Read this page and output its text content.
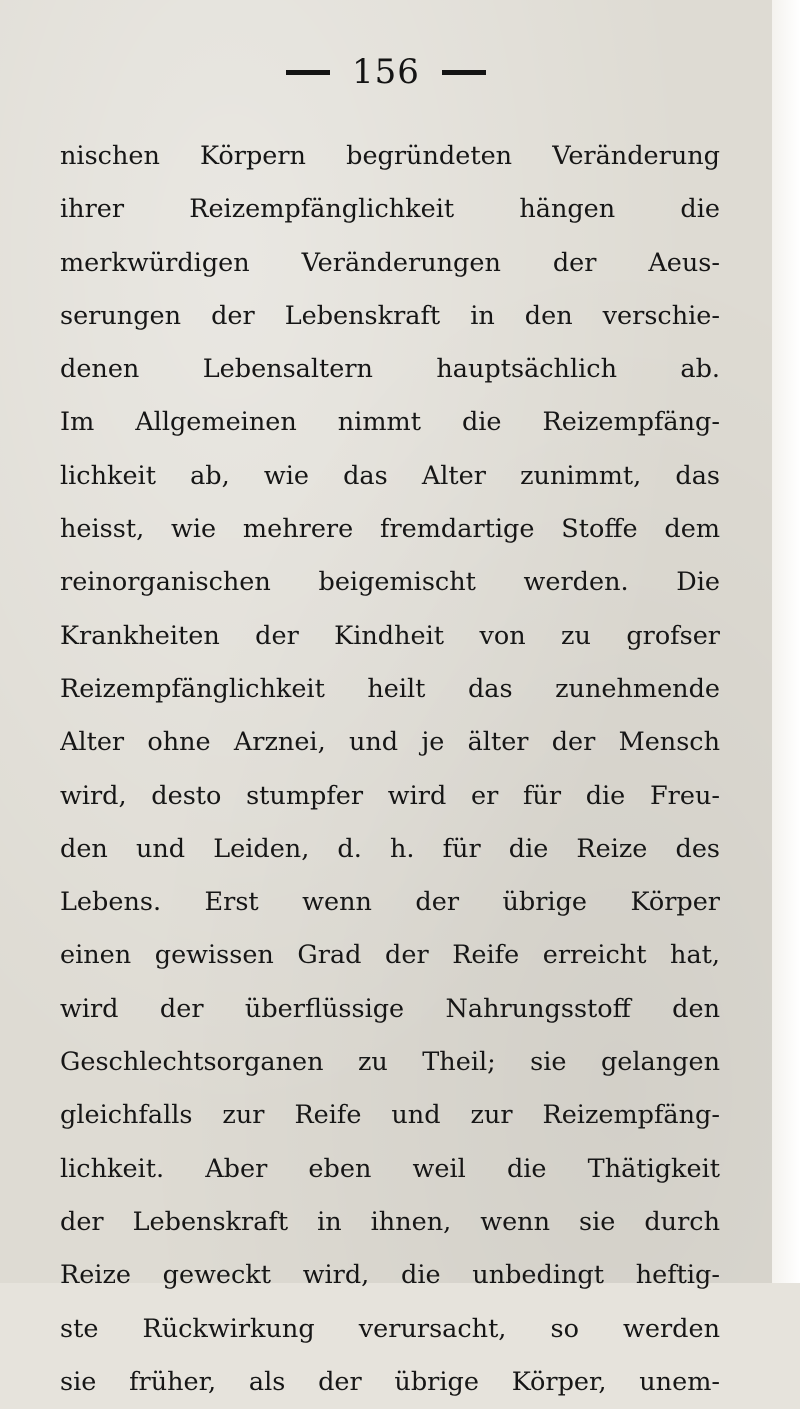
156
nischen Körpern begründeten Veränderung
ihrer Reizempfänglichkeit hängen die
merkwürdigen Veränderungen der Aeus-
serungen der Lebenskraft in den verschie-
denen Lebensaltern hauptsächlich ab.
Im Allgemeinen nimmt die Reizempfäng-
lichkeit ab, wie das Alter zunimmt, das
heisst, wie mehrere fremdartige Stoffe dem
reinorganischen beigemischt werden. Die
Krankheiten der Kindheit von zu grofser
Reizempfänglichkeit heilt das zunehmende
Alter ohne Arznei, und je älter der Mensch
wird, desto stumpfer wird er für die Freu-
den und Leiden, d. h. für die Reize des
Lebens. Erst wenn der übrige Körper
einen gewissen Grad der Reife erreicht hat,
wird der überflüssige Nahrungsstoff den
Geschlechtsorganen zu Theil; sie gelangen
gleichfalls zur Reife und zur Reizempfäng-
lichkeit. Aber eben weil die Thätigkeit
der Lebenskraft in ihnen, wenn sie durch
Reize geweckt wird, die unbedingt heftig-
ste Rückwirkung verursacht, so werden
sie früher, als der übrige Körper, unem-
